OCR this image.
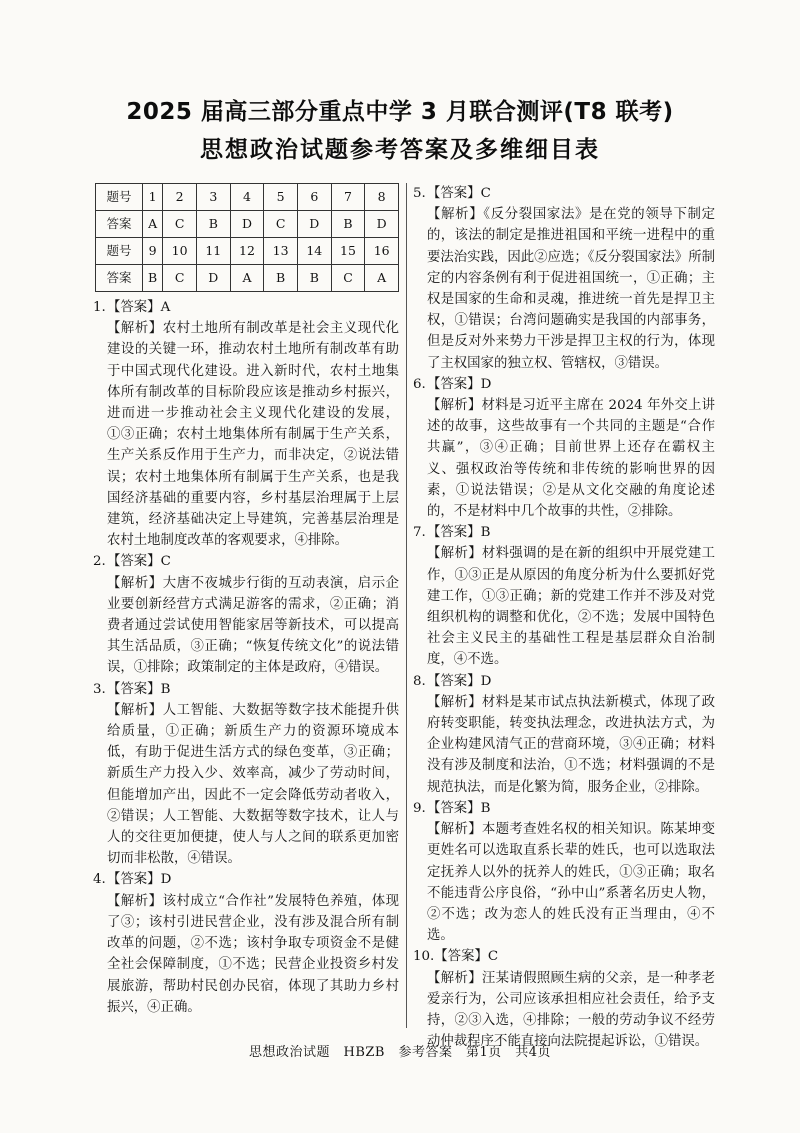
2025 届高三部分重点中学 3 月联合测评(T8 联考)
思想政治试题参考答案及多维细目表
题号	1	2	3	4	5	6	7	8
答案	A	C	B	D	C	D	B	D
题号	9	10	11	12	13	14	15	16
答案	B	C	D	A	B	B	C	A
1.【答案】A
【解析】农村土地所有制改革是社会主义现代化建设的关键一环，推动农村土地所有制改革有助于中国式现代化建设。进入新时代，农村土地集体所有制改革的目标阶段应该是推动乡村振兴，进而进一步推动社会主义现代化建设的发展，①③正确；农村土地集体所有制属于生产关系，生产关系反作用于生产力，而非决定，②说法错误；农村土地集体所有制属于生产关系，也是我国经济基础的重要内容，乡村基层治理属于上层建筑，经济基础决定上导建筑，完善基层治理是农村土地制度改革的客观要求，④排除。
2.【答案】C
【解析】大唐不夜城步行街的互动表演，启示企业要创新经营方式满足游客的需求，②正确；消费者通过尝试使用智能家居等新技术，可以提高其生活品质，③正确；“恢复传统文化”的说法错误，①排除；政策制定的主体是政府，④错误。
3.【答案】B
【解析】人工智能、大数据等数字技术能提升供给质量，①正确；新质生产力的资源环境成本低，有助于促进生活方式的绿色变革，③正确；新质生产力投入少、效率高，减少了劳动时间，但能增加产出，因此不一定会降低劳动者收入，②错误；人工智能、大数据等数字技术，让人与人的交往更加便捷，使人与人之间的联系更加密切而非松散，④错误。
4.【答案】D
【解析】该村成立“合作社”发展特色养殖，体现了③；该村引进民营企业，没有涉及混合所有制改革的问题，②不选；该村争取专项资金不是健全社会保障制度，①不选；民营企业投资乡村发展旅游，帮助村民创办民宿，体现了其助力乡村振兴，④正确。
5.【答案】C
【解析】《反分裂国家法》是在党的领导下制定的，该法的制定是推进祖国和平统一进程中的重要法治实践，因此②应选；《反分裂国家法》所制定的内容条例有利于促进祖国统一，①正确；主权是国家的生命和灵魂，推进统一首先是捍卫主权，①错误；台湾问题确实是我国的内部事务，但是反对外来势力干涉是捍卫主权的行为，体现了主权国家的独立权、管辖权，③错误。
6.【答案】D
【解析】材料是习近平主席在 2024 年外交上讲述的故事，这些故事有一个共同的主题是“合作共赢”，③④正确；目前世界上还存在霸权主义、强权政治等传统和非传统的影响世界的因素，①说法错误；②是从文化交融的角度论述的，不是材料中几个故事的共性，②排除。
7.【答案】B
【解析】材料强调的是在新的组织中开展党建工作，①③正是从原因的角度分析为什么要抓好党建工作，①③正确；新的党建工作并不涉及对党组织机构的调整和优化，②不选；发展中国特色社会主义民主的基础性工程是基层群众自治制度，④不选。
8.【答案】D
【解析】材料是某市试点执法新模式，体现了政府转变职能，转变执法理念，改进执法方式，为企业构建风清气正的营商环境，③④正确；材料没有涉及制度和法治，①不选；材料强调的不是规范执法，而是化繁为简，服务企业，②排除。
9.【答案】B
【解析】本题考查姓名权的相关知识。陈某坤变更姓名可以选取直系长辈的姓氏，也可以选取法定抚养人以外的抚养人的姓氏，①③正确；取名不能违背公序良俗，“孙中山”系著名历史人物，②不选；改为恋人的姓氏没有正当理由，④不选。
10.【答案】C
【解析】汪某请假照顾生病的父亲，是一种孝老爱亲行为，公司应该承担相应社会责任，给予支持，②③入选，④排除；一般的劳动争议不经劳动仲裁程序不能直接向法院提起诉讼，①错误。
思想政治试题　HBZB　参考答案　第1页　共4页
